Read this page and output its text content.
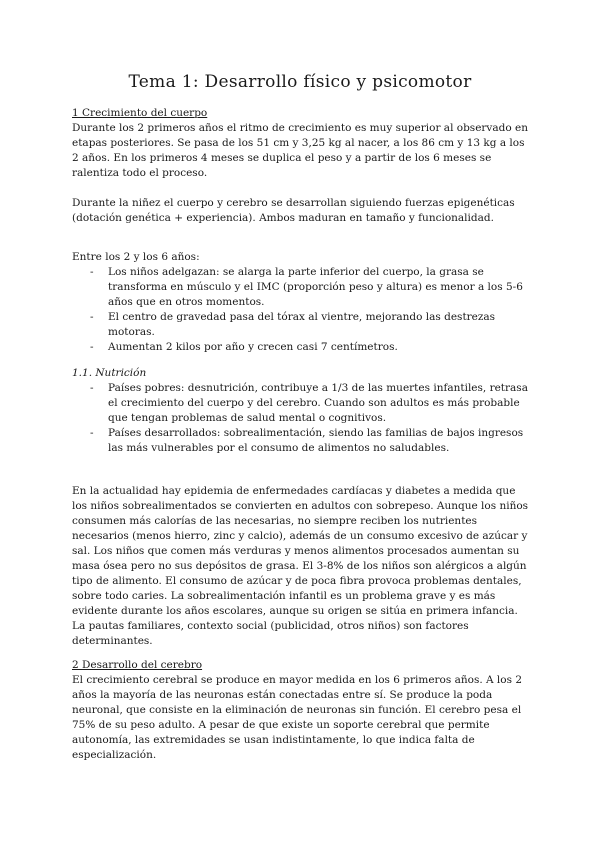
Tema 1: Desarrollo físico y psicomotor
1 Crecimiento del cuerpo

Durante los 2 primeros años el ritmo de crecimiento es muy superior al observado en etapas posteriores. Se pasa de los 51 cm y 3,25 kg al nacer, a los 86 cm y 13 kg a los 2 años. En los primeros 4 meses se duplica el peso y a partir de los 6 meses se ralentiza todo el proceso.

Durante la niñez el cuerpo y cerebro se desarrollan siguiendo fuerzas epigenéticas (dotación genética + experiencia). Ambos maduran en tamaño y funcionalidad.

Entre los 2 y los 6 años:
- Los niños adelgazan: se alarga la parte inferior del cuerpo, la grasa se transforma en músculo y el IMC (proporción peso y altura) es menor a los 5-6 años que en otros momentos.
- El centro de gravedad pasa del tórax al vientre, mejorando las destrezas motoras.
- Aumentan 2 kilos por año y crecen casi 7 centímetros.
1.1. Nutrición
- Países pobres: desnutrición, contribuye a 1/3 de las muertes infantiles, retrasa el crecimiento del cuerpo y del cerebro. Cuando son adultos es más probable que tengan problemas de salud mental o cognitivos.
- Países desarrollados: sobrealimentación, siendo las familias de bajos ingresos las más vulnerables por el consumo de alimentos no saludables.

En la actualidad hay epidemia de enfermedades cardíacas y diabetes a medida que los niños sobrealimentados se convierten en adultos con sobrepeso. Aunque los niños consumen más calorías de las necesarias, no siempre reciben los nutrientes necesarios (menos hierro, zinc y calcio), además de un consumo excesivo de azúcar y sal. Los niños que comen más verduras y menos alimentos procesados aumentan su masa ósea pero no sus depósitos de grasa. El 3-8% de los niños son alérgicos a algún tipo de alimento. El consumo de azúcar y de poca fibra provoca problemas dentales, sobre todo caries. La sobrealimentación infantil es un problema grave y es más evidente durante los años escolares, aunque su origen se sitúa en primera infancia. La pautas familiares, contexto social (publicidad, otros niños) son factores determinantes.

2 Desarrollo del cerebro

El crecimiento cerebral se produce en mayor medida en los 6 primeros años. A los 2 años la mayoría de las neuronas están conectadas entre sí. Se produce la poda neuronal, que consiste en la eliminación de neuronas sin función. El cerebro pesa el 75% de su peso adulto. A pesar de que existe un soporte cerebral que permite autonomía, las extremidades se usan indistintamente, lo que indica falta de especialización.
